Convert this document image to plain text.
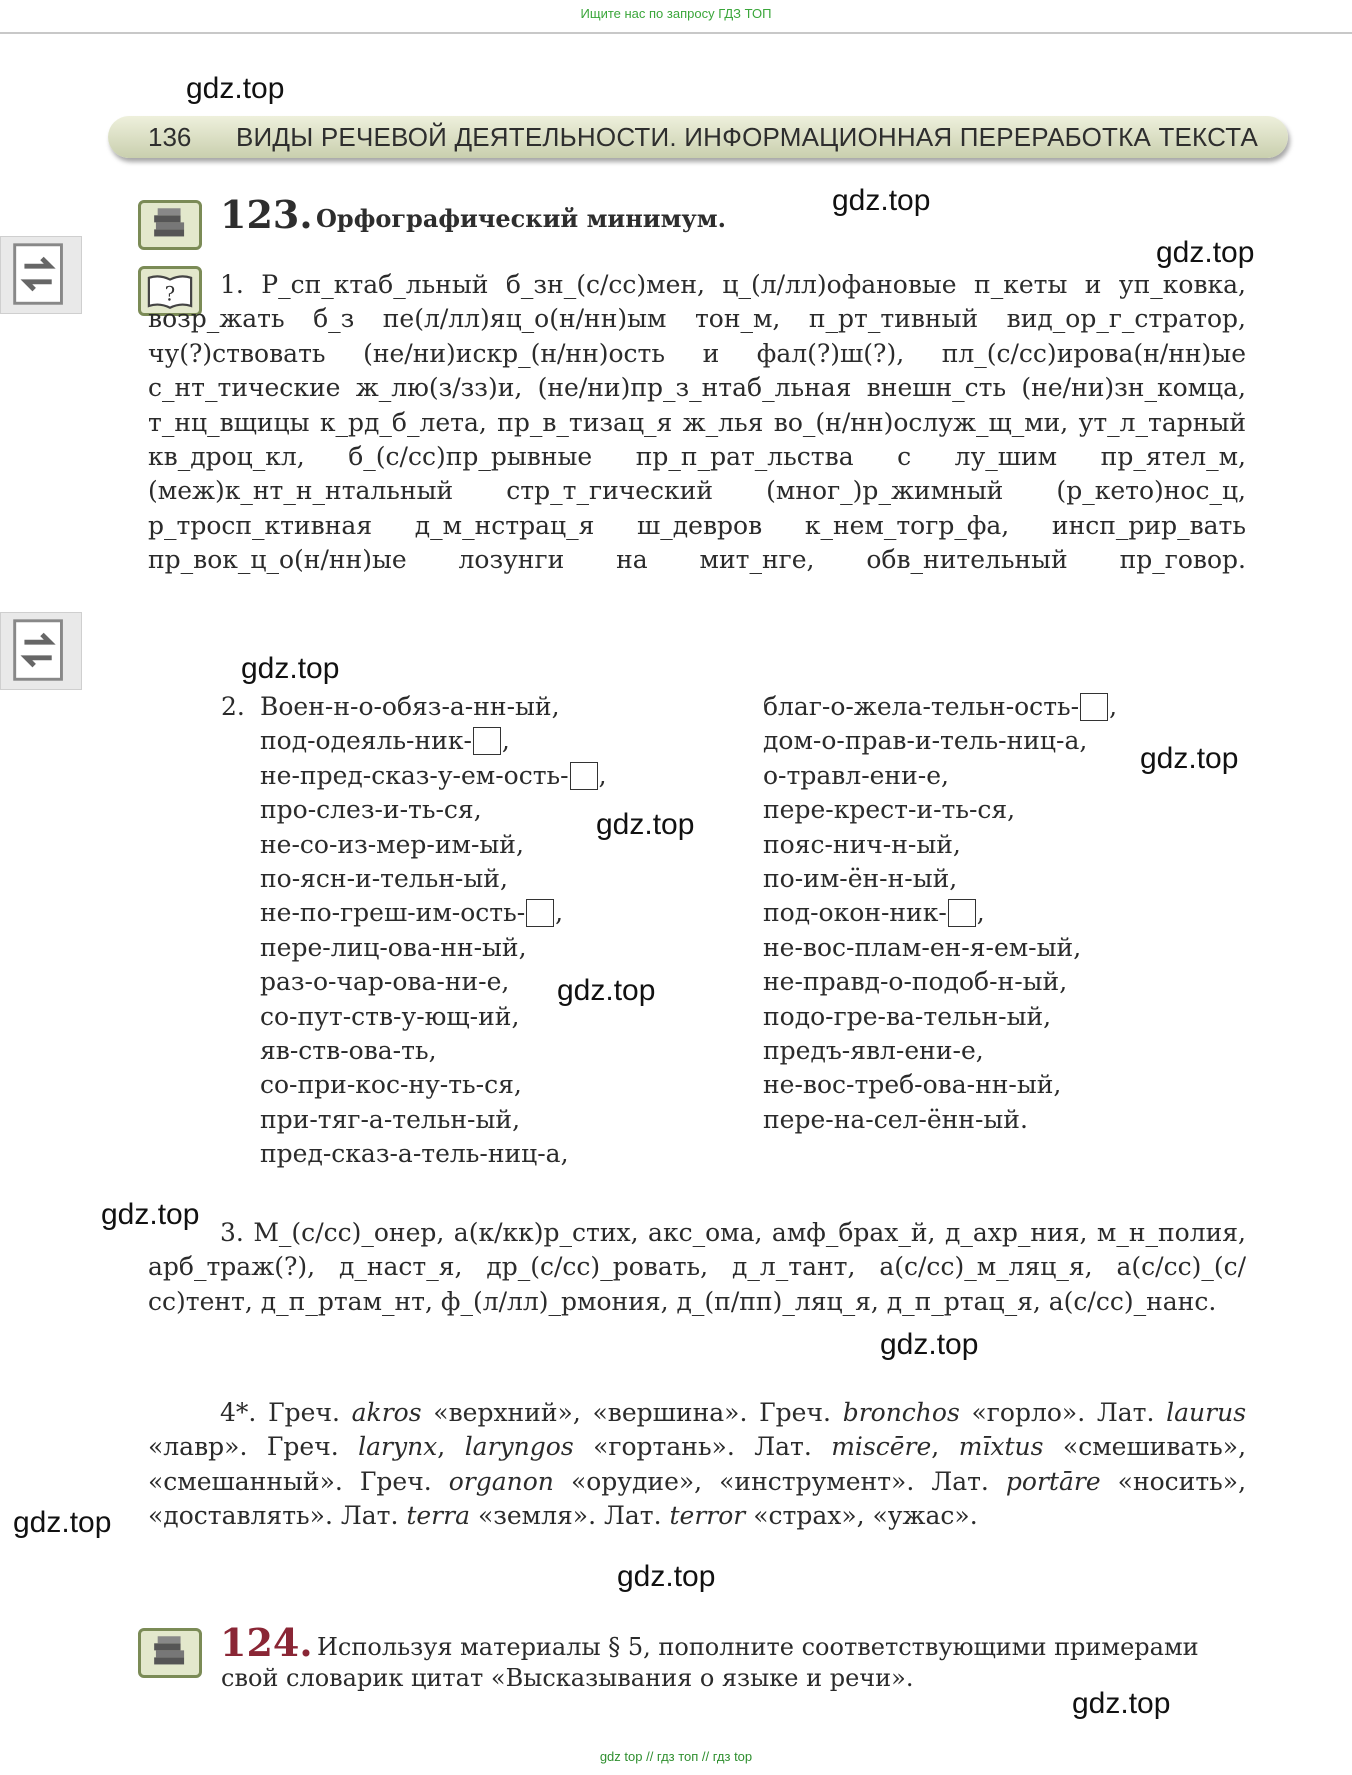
Ищите нас по запросу ГДЗ ТОП
136 ВИДЫ РЕЧЕВОЙ ДЕЯТЕЛЬНОСТИ. ИНФОРМАЦИОННАЯ ПЕРЕРАБОТКА ТЕКСТА
123. Орфографический минимум.
?	1. Р_сп_ктаб_льный б_зн_(с/сс)мен, ц_(л/лл)офановые п_кеты и уп_ковка, возр_жать б_з пе(л/лл)яц_о(н/нн)ым тон_м, п_рт_тивный вид_ор_г_стратор, чу(?)ствовать (не/ни)искр_(н/нн)ость и фал(?)ш(?), пл_(с/сс)ирова(н/нн)ые с_нт_тические ж_лю(з/зз)и, (не/ни)пр_з_нтаб_льная внешн_сть (не/ни)зн_комца, т_нц_вщицы к_рд_б_лета, пр_в_тизац_я ж_лья во_(н/нн)ослуж_щ_ми, ут_л_тарный кв_дроц_кл, б_(с/сс)пр_рывные пр_п_рат_льства с лу_шим пр_ятел_м, (меж)к_нт_н_нтальный стр_т_гический (мног_)р_жимный (р_кето)нос_ц, р_тросп_ктивная д_м_нстрац_я ш_девров к_нем_тогр_фа, инсп_рир_вать пр_вок_ц_о(н/нн)ые лозунги на мит_нге, обв_нительный пр_говор.
2. Воен-н-о-обяз-а-нн-ый,
под-одеяль-ник- ,
не-пред-сказ-у-ем-ость- ,
про-слез-и-ть-ся,
не-со-из-мер-им-ый,
по-ясн-и-тельн-ый,
не-по-греш-им-ость- ,
пере-лиц-ова-нн-ый,
раз-о-чар-ова-ни-е,
со-пут-ств-у-ющ-ий,
яв-ств-ова-ть,
со-при-кос-ну-ть-ся,
при-тяг-а-тельн-ый,
пред-сказ-а-тель-ниц-а,
благ-о-жела-тельн-ость- ,
дом-о-прав-и-тель-ниц-а,
о-травл-ени-е,
пере-крест-и-ть-ся,
пояс-нич-н-ый,
по-им-ён-н-ый,
под-окон-ник- ,
не-вос-плам-ен-я-ем-ый,
не-правд-о-подоб-н-ый,
подо-гре-ва-тельн-ый,
предъ-явл-ени-е,
не-вос-треб-ова-нн-ый,
пере-на-сел-ённ-ый.
3. М_(с/сс)_онер, а(к/кк)р_стих, акс_ома, амф_брах_й, д_ахр_ния, м_н_полия, арб_траж(?), д_наст_я, др_(с/сс)_ровать, д_л_тант, а(с/сс)_м_ляц_я, а(с/сс)_(с/сс)тент, д_п_ртам_нт, ф_(л/лл)_рмония, д_(п/пп)_ляц_я, д_п_ртац_я, а(с/сс)_нанс.
4*. Греч. akros «верхний», «вершина». Греч. bronchos «горло». Лат. laurus «лавр». Греч. larynx, laryngos «гортань». Лат. miscēre, mīxtus «смешивать», «смешанный». Греч. organon «орудие», «инструмент». Лат. portāre «носить», «доставлять». Лат. terra «земля». Лат. terror «страх», «ужас».
124. Используя материалы § 5, пополните соответствующими примерами свой словарик цитат «Высказывания о языке и речи».
gdz.top
gdz.top
gdz.top
gdz.top
gdz.top
gdz.top
gdz.top
gdz.top
gdz.top
gdz.top
gdz.top
gdz.top
gdz top // гдз топ // гдз top
